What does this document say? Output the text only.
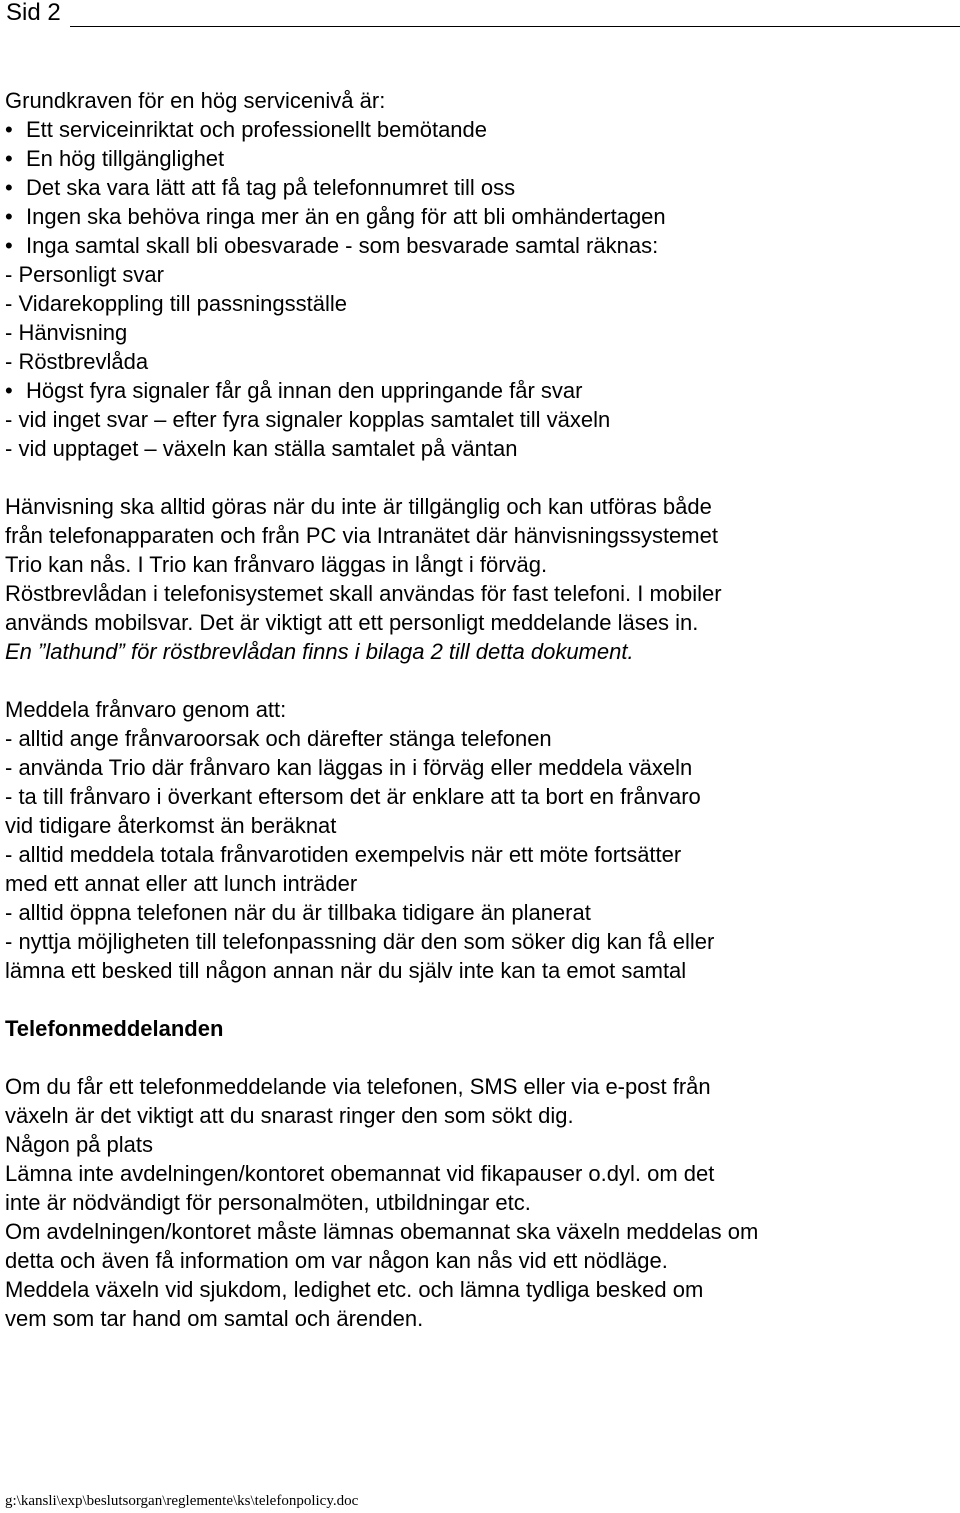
Sid 2
Grundkraven för en hög servicenivå är:
• Ett serviceinriktat och professionellt bemötande
• En hög tillgänglighet
• Det ska vara lätt att få tag på telefonnumret till oss
• Ingen ska behöva ringa mer än en gång för att bli omhändertagen
• Inga samtal skall bli obesvarade - som besvarade samtal räknas:
- Personligt svar
- Vidarekoppling till passningsställe
- Hänvisning
- Röstbrevlåda
• Högst fyra signaler får gå innan den uppringande får svar
- vid inget svar – efter fyra signaler kopplas samtalet till växeln
- vid upptaget – växeln kan ställa samtalet på väntan
Hänvisning ska alltid göras när du inte är tillgänglig och kan utföras både
från telefonapparaten och från PC via Intranätet där hänvisningssystemet
Trio kan nås. I Trio kan frånvaro läggas in långt i förväg.
Röstbrevlådan i telefonisystemet skall användas för fast telefoni. I mobiler
används mobilsvar. Det är viktigt att ett personligt meddelande läses in.
En ”lathund” för röstbrevlådan finns i bilaga 2 till detta dokument.
Meddela frånvaro genom att:
- alltid ange frånvaroorsak och därefter stänga telefonen
- använda Trio där frånvaro kan läggas in i förväg eller meddela växeln
- ta till frånvaro i överkant eftersom det är enklare att ta bort en frånvaro
vid tidigare återkomst än beräknat
- alltid meddela totala frånvarotiden exempelvis när ett möte fortsätter
med ett annat eller att lunch inträder
- alltid öppna telefonen när du är tillbaka tidigare än planerat
- nyttja möjligheten till telefonpassning där den som söker dig kan få eller
lämna ett besked till någon annan när du själv inte kan ta emot samtal
Telefonmeddelanden
Om du får ett telefonmeddelande via telefonen, SMS eller via e-post från
växeln är det viktigt att du snarast ringer den som sökt dig.
Någon på plats
Lämna inte avdelningen/kontoret obemannat vid fikapauser o.dyl. om det
inte är nödvändigt för personalmöten, utbildningar etc.
Om avdelningen/kontoret måste lämnas obemannat ska växeln meddelas om
detta och även få information om var någon kan nås vid ett nödläge.
Meddela växeln vid sjukdom, ledighet etc. och lämna tydliga besked om
vem som tar hand om samtal och ärenden.
g:\kansli\exp\beslutsorgan\reglemente\ks\telefonpolicy.doc
